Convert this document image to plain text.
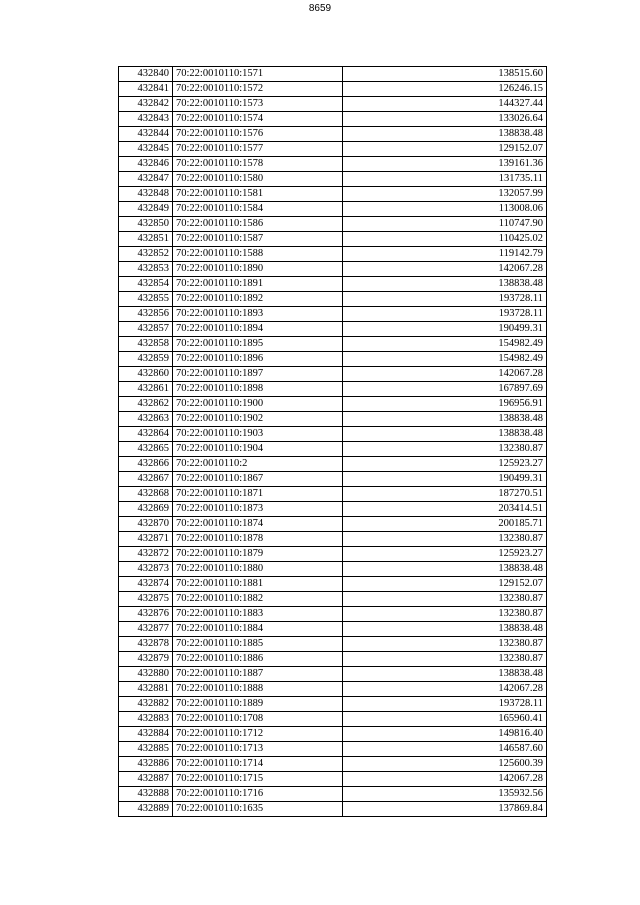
8659
432840	70:22:0010110:1571	138515.60
432841	70:22:0010110:1572	126246.15
432842	70:22:0010110:1573	144327.44
432843	70:22:0010110:1574	133026.64
432844	70:22:0010110:1576	138838.48
432845	70:22:0010110:1577	129152.07
432846	70:22:0010110:1578	139161.36
432847	70:22:0010110:1580	131735.11
432848	70:22:0010110:1581	132057.99
432849	70:22:0010110:1584	113008.06
432850	70:22:0010110:1586	110747.90
432851	70:22:0010110:1587	110425.02
432852	70:22:0010110:1588	119142.79
432853	70:22:0010110:1890	142067.28
432854	70:22:0010110:1891	138838.48
432855	70:22:0010110:1892	193728.11
432856	70:22:0010110:1893	193728.11
432857	70:22:0010110:1894	190499.31
432858	70:22:0010110:1895	154982.49
432859	70:22:0010110:1896	154982.49
432860	70:22:0010110:1897	142067.28
432861	70:22:0010110:1898	167897.69
432862	70:22:0010110:1900	196956.91
432863	70:22:0010110:1902	138838.48
432864	70:22:0010110:1903	138838.48
432865	70:22:0010110:1904	132380.87
432866	70:22:0010110:2	125923.27
432867	70:22:0010110:1867	190499.31
432868	70:22:0010110:1871	187270.51
432869	70:22:0010110:1873	203414.51
432870	70:22:0010110:1874	200185.71
432871	70:22:0010110:1878	132380.87
432872	70:22:0010110:1879	125923.27
432873	70:22:0010110:1880	138838.48
432874	70:22:0010110:1881	129152.07
432875	70:22:0010110:1882	132380.87
432876	70:22:0010110:1883	132380.87
432877	70:22:0010110:1884	138838.48
432878	70:22:0010110:1885	132380.87
432879	70:22:0010110:1886	132380.87
432880	70:22:0010110:1887	138838.48
432881	70:22:0010110:1888	142067.28
432882	70:22:0010110:1889	193728.11
432883	70:22:0010110:1708	165960.41
432884	70:22:0010110:1712	149816.40
432885	70:22:0010110:1713	146587.60
432886	70:22:0010110:1714	125600.39
432887	70:22:0010110:1715	142067.28
432888	70:22:0010110:1716	135932.56
432889	70:22:0010110:1635	137869.84
